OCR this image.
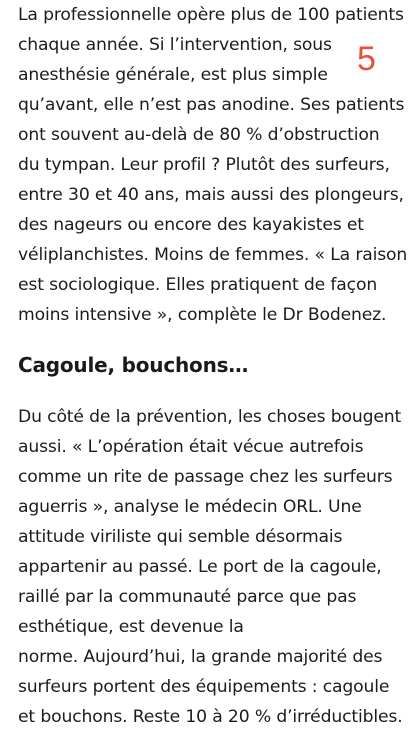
La professionnelle opère plus de 100 patients
chaque année. Si l’intervention, sous
anesthésie générale, est plus simple
qu’avant, elle n’est pas anodine. Ses patients
ont souvent au-delà de 80 % d’obstruction
du tympan. Leur profil ? Plutôt des surfeurs,
entre 30 et 40 ans, mais aussi des plongeurs,
des nageurs ou encore des kayakistes et
véliplanchistes. Moins de femmes. « La raison
est sociologique. Elles pratiquent de façon
moins intensive », complète le Dr Bodenez.

Cagoule, bouchons…

Du côté de la prévention, les choses bougent
aussi. « L’opération était vécue autrefois
comme un rite de passage chez les surfeurs
aguerris », analyse le médecin ORL. Une
attitude viriliste qui semble désormais
appartenir au passé. Le port de la cagoule,
raillé par la communauté parce que pas
esthétique, est devenue la
norme. Aujourd’hui, la grande majorité des
surfeurs portent des équipements : cagoule
et bouchons. Reste 10 à 20 % d’irréductibles.

5
